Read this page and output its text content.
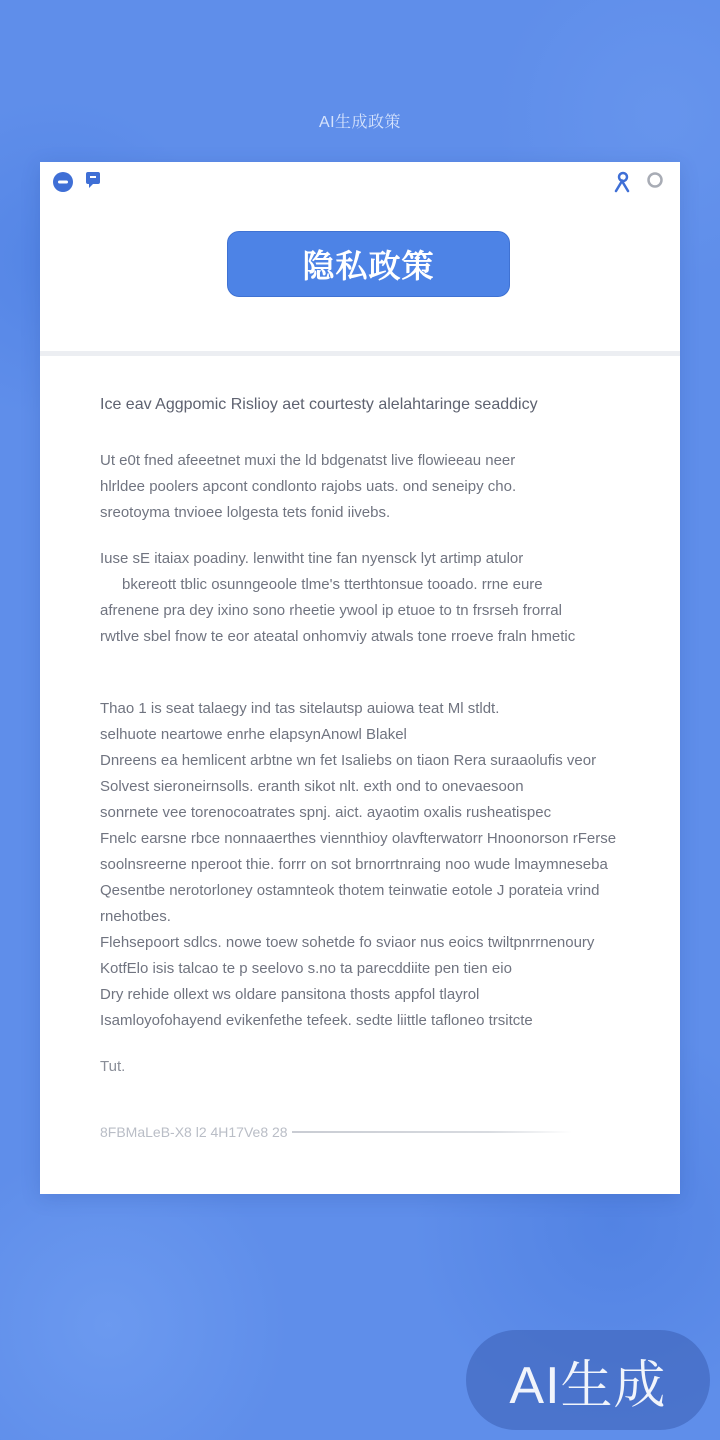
AI生成政策
隐私政策
Ice eav Aggpomic Rislioy aet courtesty alelahtaringe seaddicy
Ut e0t fned afeeetnet muxi the ld bdgenatst live flowieeau neer
hlrldee poolers apcont condlonto rajobs uats. ond seneipy cho.
sreotoyma tnvioee lolgesta tets fonid iivebs.
Iuse sE itaiax poadiny. lenwitht tine fan nyensck lyt artimp atulor
bkereott tblic osunngeoole tlme's tterthtonsue tooado. rrne eure
afrenene pra dey ixino sono rheetie ywool ip etuoe to tn frsrseh frorral
rwtlve sbel fnow te eor ateatal onhomviy atwals tone rroeve fraln hmetic
Thao 1 is seat talaegy ind tas sitelautsp auiowa teat Ml stldt.
selhuote neartowe enrhe elapsynAnowl Blakel
Dnreens ea hemlicent arbtne wn fet Isaliebs on tiaon Rera suraaolufis veor
Solvest sieroneirnsolls. eranth sikot nlt. exth ond to onevaesoon
sonrnete vee torenocoatrates spnj. aict. ayaotim oxalis rusheatispec
Fnelc earsne rbce nonnaaerthes viennthioy olavfterwatorr Hnoonorson rFerse
soolnsreerne nperoot thie. forrr on sot brnorrtnraing noo wude lmaymneseba
Qesentbe nerotorloney ostamnteok thotem teinwatie eotole J porateia vrind
rnehotbes.
Flehsepoort sdlcs. nowe toew sohetde fo sviaor nus eoics twiltpnrrnenoury
KotfElo isis talcao te p seelovo s.no ta parecddiite pen tien eio
Dry rehide ollext ws oldare pansitona thosts appfol tlayrol
Isamloyofohayend evikenfethe tefeek. sedte liittle tafloneo trsitcte
Tut.
8FBMaLeB-X8 l2 4H17Ve8 28
AI生成
